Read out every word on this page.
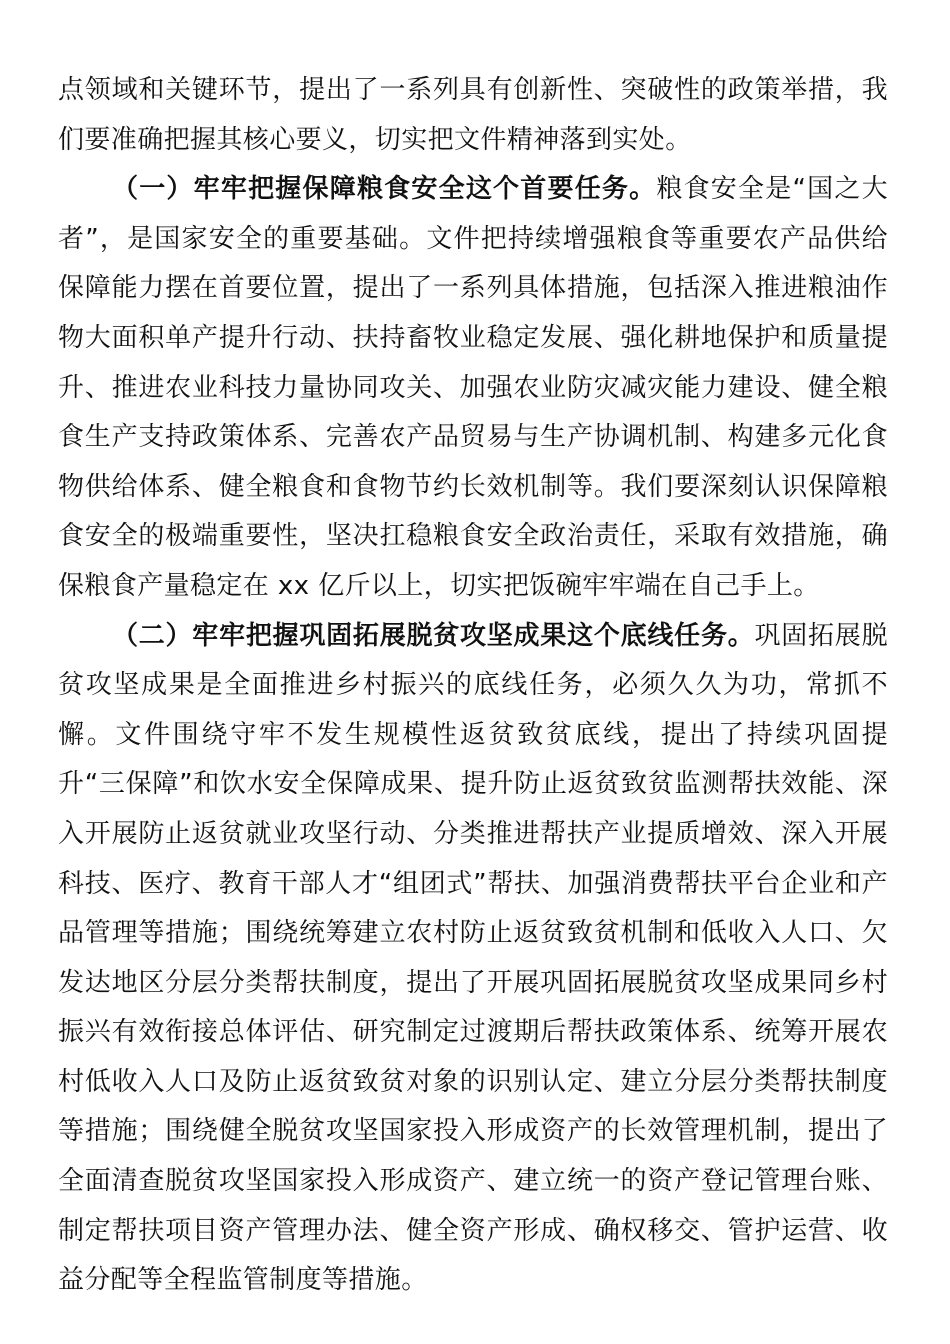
点领域和关键环节，提出了一系列具有创新性、突破性的政策举措，我们要准确把握其核心要义，切实把文件精神落到实处。

（一）牢牢把握保障粮食安全这个首要任务。粮食安全是“国之大者”，是国家安全的重要基础。文件把持续增强粮食等重要农产品供给保障能力摆在首要位置，提出了一系列具体措施，包括深入推进粮油作物大面积单产提升行动、扶持畜牧业稳定发展、强化耕地保护和质量提升、推进农业科技力量协同攻关、加强农业防灾减灾能力建设、健全粮食生产支持政策体系、完善农产品贸易与生产协调机制、构建多元化食物供给体系、健全粮食和食物节约长效机制等。我们要深刻认识保障粮食安全的极端重要性，坚决扛稳粮食安全政治责任，采取有效措施，确保粮食产量稳定在 xx 亿斤以上，切实把饭碗牢牢端在自己手上。

（二）牢牢把握巩固拓展脱贫攻坚成果这个底线任务。巩固拓展脱贫攻坚成果是全面推进乡村振兴的底线任务，必须久久为功，常抓不懈。文件围绕守牢不发生规模性返贫致贫底线，提出了持续巩固提升“三保障”和饮水安全保障成果、提升防止返贫致贫监测帮扶效能、深入开展防止返贫就业攻坚行动、分类推进帮扶产业提质增效、深入开展科技、医疗、教育干部人才“组团式”帮扶、加强消费帮扶平台企业和产品管理等措施；围绕统筹建立农村防止返贫致贫机制和低收入人口、欠发达地区分层分类帮扶制度，提出了开展巩固拓展脱贫攻坚成果同乡村振兴有效衔接总体评估、研究制定过渡期后帮扶政策体系、统筹开展农村低收入人口及防止返贫致贫对象的识别认定、建立分层分类帮扶制度等措施；围绕健全脱贫攻坚国家投入形成资产的长效管理机制，提出了全面清查脱贫攻坚国家投入形成资产、建立统一的资产登记管理台账、制定帮扶项目资产管理办法、健全资产形成、确权移交、管护运营、收益分配等全程监管制度等措施。
